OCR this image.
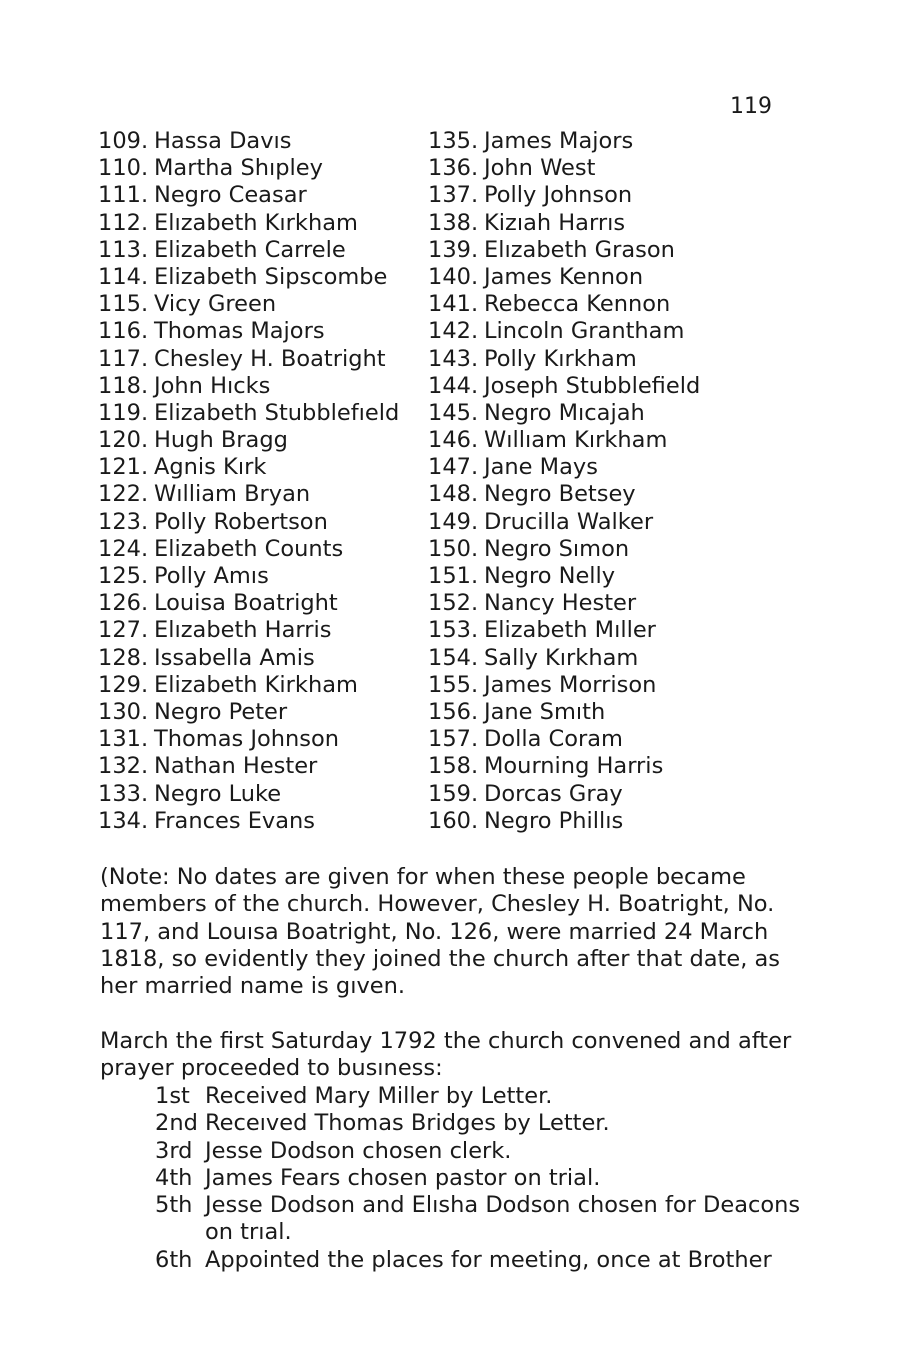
119
109. Hassa Davıs
110. Martha Shıpley
111. Negro Ceasar
112. Elızabeth Kırkham
113. Elizabeth Carrele
114. Elizabeth Sipscombe
115. Vicy Green
116. Thomas Majors
117. Chesley H. Boatright
118. John Hıcks
119. Elizabeth Stubblefıeld
120. Hugh Bragg
121. Agnis Kırk
122. Wılliam Bryan
123. Polly Robertson
124. Elizabeth Counts
125. Polly Amıs
126. Louisa Boatright
127. Elızabeth Harris
128. Issabella Amis
129. Elizabeth Kirkham
130. Negro Peter
131. Thomas Johnson
132. Nathan Hester
133. Negro Luke
134. Frances Evans
135. James Majors
136. John West
137. Polly Johnson
138. Kizıah Harrıs
139. Elızabeth Grason
140. James Kennon
141. Rebecca Kennon
142. Lincoln Grantham
143. Polly Kırkham
144. Joseph Stubblefield
145. Negro Mıcajah
146. Wıllıam Kırkham
147. Jane Mays
148. Negro Betsey
149. Drucilla Walker
150. Negro Sımon
151. Negro Nelly
152. Nancy Hester
153. Elizabeth Mıller
154. Sally Kırkham
155. James Morrison
156. Jane Smıth
157. Dolla Coram
158. Mourning Harris
159. Dorcas Gray
160. Negro Phillıs

(Note: No dates are given for when these people became members of the church. However, Chesley H. Boatright, No. 117, and Louısa Boatright, No. 126, were married 24 March 1818, so evidently they joined the church after that date, as her married name is gıven.

March the first Saturday 1792 the church convened and after prayer proceeded to busıness:

1st Received Mary Miller by Letter.
2nd Receıved Thomas Bridges by Letter.
3rd Jesse Dodson chosen clerk.
4th James Fears chosen pastor on trial.
5th Jesse Dodson and Elısha Dodson chosen for Deacons on trıal.
6th Appointed the places for meeting, once at Brother
